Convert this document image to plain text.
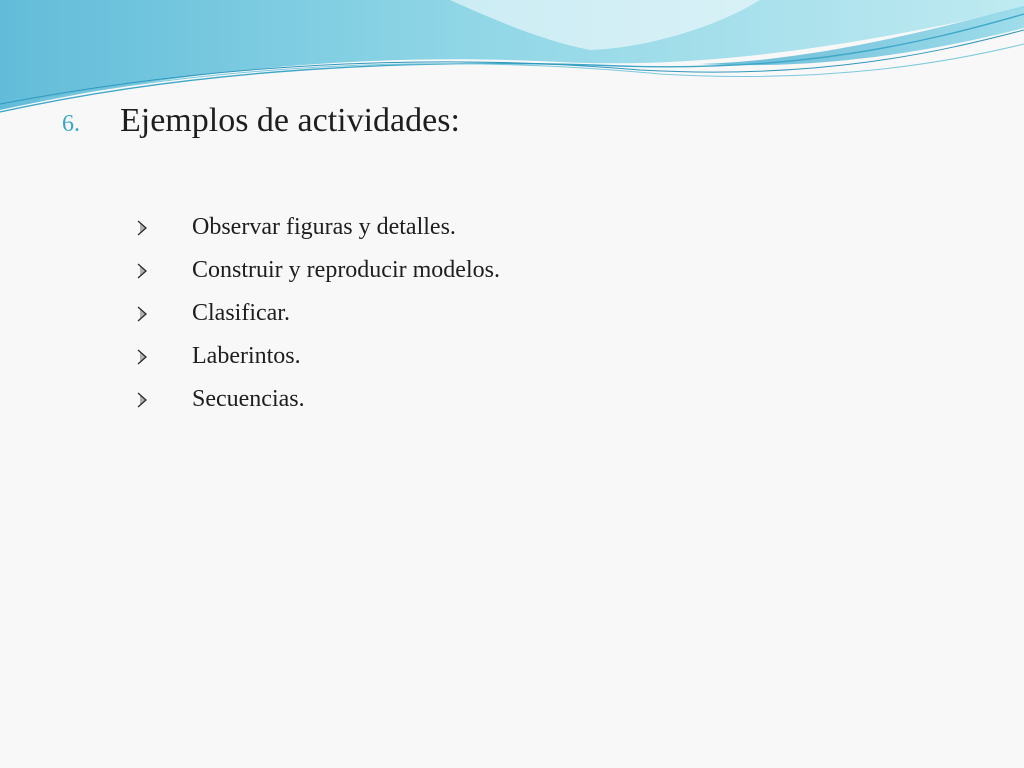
6.	Ejemplos de actividades:
Observar figuras y detalles.
Construir y reproducir modelos.
Clasificar.
Laberintos.
Secuencias.
